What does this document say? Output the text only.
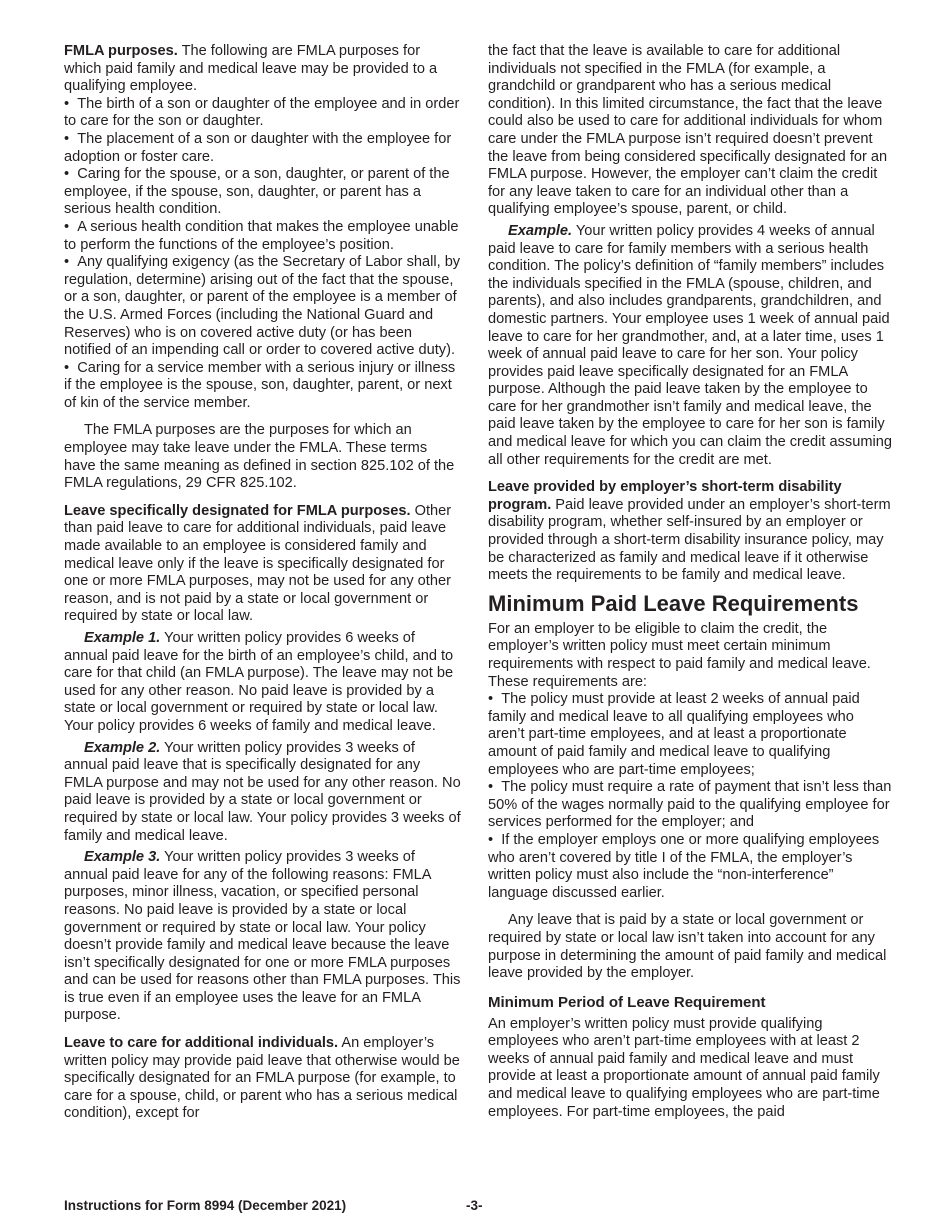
FMLA purposes. The following are FMLA purposes for which paid family and medical leave may be provided to a qualifying employee.

•  The birth of a son or daughter of the employee and in order to care for the son or daughter.

•  The placement of a son or daughter with the employee for adoption or foster care.

•  Caring for the spouse, or a son, daughter, or parent of the employee, if the spouse, son, daughter, or parent has a serious health condition.

•  A serious health condition that makes the employee unable to perform the functions of the employee’s position.

•  Any qualifying exigency (as the Secretary of Labor shall, by regulation, determine) arising out of the fact that the spouse, or a son, daughter, or parent of the employee is a member of the U.S. Armed Forces (including the National Guard and Reserves) who is on covered active duty (or has been notified of an impending call or order to covered active duty).

•  Caring for a service member with a serious injury or illness if the employee is the spouse, son, daughter, parent, or next of kin of the service member.

The FMLA purposes are the purposes for which an employee may take leave under the FMLA. These terms have the same meaning as defined in section 825.102 of the FMLA regulations, 29 CFR 825.102.

Leave specifically designated for FMLA purposes. Other than paid leave to care for additional individuals, paid leave made available to an employee is considered family and medical leave only if the leave is specifically designated for one or more FMLA purposes, may not be used for any other reason, and is not paid by a state or local government or required by state or local law.

Example 1. Your written policy provides 6 weeks of annual paid leave for the birth of an employee’s child, and to care for that child (an FMLA purpose). The leave may not be used for any other reason. No paid leave is provided by a state or local government or required by state or local law. Your policy provides 6 weeks of family and medical leave.

Example 2. Your written policy provides 3 weeks of annual paid leave that is specifically designated for any FMLA purpose and may not be used for any other reason. No paid leave is provided by a state or local government or required by state or local law. Your policy provides 3 weeks of family and medical leave.

Example 3. Your written policy provides 3 weeks of annual paid leave for any of the following reasons: FMLA purposes, minor illness, vacation, or specified personal reasons. No paid leave is provided by a state or local government or required by state or local law. Your policy doesn’t provide family and medical leave because the leave isn’t specifically designated for one or more FMLA purposes and can be used for reasons other than FMLA purposes. This is true even if an employee uses the leave for an FMLA purpose.

Leave to care for additional individuals. An employer’s written policy may provide paid leave that otherwise would be specifically designated for an FMLA purpose (for example, to care for a spouse, child, or parent who has a serious medical condition), except for

the fact that the leave is available to care for additional individuals not specified in the FMLA (for example, a grandchild or grandparent who has a serious medical condition). In this limited circumstance, the fact that the leave could also be used to care for additional individuals for whom care under the FMLA purpose isn’t required doesn’t prevent the leave from being considered specifically designated for an FMLA purpose. However, the employer can’t claim the credit for any leave taken to care for an individual other than a qualifying employee’s spouse, parent, or child.

Example. Your written policy provides 4 weeks of annual paid leave to care for family members with a serious health condition. The policy’s definition of “family members” includes the individuals specified in the FMLA (spouse, children, and parents), and also includes grandparents, grandchildren, and domestic partners. Your employee uses 1 week of annual paid leave to care for her grandmother, and, at a later time, uses 1 week of annual paid leave to care for her son. Your policy provides paid leave specifically designated for an FMLA purpose. Although the paid leave taken by the employee to care for her grandmother isn’t family and medical leave, the paid leave taken by the employee to care for her son is family and medical leave for which you can claim the credit assuming all other requirements for the credit are met.

Leave provided by employer’s short-term disability program. Paid leave provided under an employer’s short-term disability program, whether self-insured by an employer or provided through a short-term disability insurance policy, may be characterized as family and medical leave if it otherwise meets the requirements to be family and medical leave.

Minimum Paid Leave Requirements

For an employer to be eligible to claim the credit, the employer’s written policy must meet certain minimum requirements with respect to paid family and medical leave. These requirements are:

•  The policy must provide at least 2 weeks of annual paid family and medical leave to all qualifying employees who aren’t part-time employees, and at least a proportionate amount of paid family and medical leave to qualifying employees who are part-time employees;

•  The policy must require a rate of payment that isn’t less than 50% of the wages normally paid to the qualifying employee for services performed for the employer; and

•  If the employer employs one or more qualifying employees who aren’t covered by title I of the FMLA, the employer’s written policy must also include the “non-interference” language discussed earlier.

Any leave that is paid by a state or local government or required by state or local law isn’t taken into account for any purpose in determining the amount of paid family and medical leave provided by the employer.

Minimum Period of Leave Requirement

An employer’s written policy must provide qualifying employees who aren’t part-time employees with at least 2 weeks of annual paid family and medical leave and must provide at least a proportionate amount of annual paid family and medical leave to qualifying employees who are part-time employees. For part-time employees, the paid

Instructions for Form 8994 (December 2021)	-3-
